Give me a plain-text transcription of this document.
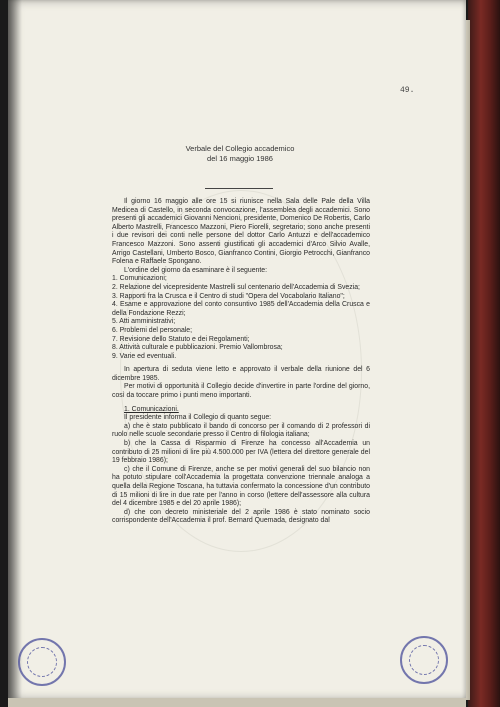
49.
Verbale del Collegio accademico
del 16 maggio 1986

Il giorno 16 maggio alle ore 15 si riunisce nella Sala delle Pale della Villa Medicea di Castello, in seconda convocazione, l'assemblea degli accademici. Sono presenti gli accademici Giovanni Nencioni, presidente, Domenico De Robertis, Carlo Alberto Mastrelli, Francesco Mazzoni, Piero Fiorelli, segretario; sono anche presenti i due revisori dei conti nelle persone del dottor Carlo Antuzzi e dell'accademico Francesco Mazzoni. Sono assenti giustificati gli accademici d'Arco Silvio Avalle, Arrigo Castellani, Umberto Bosco, Gianfranco Contini, Giorgio Petrocchi, Gianfranco Folena e Raffaele Spongano.

L'ordine del giorno da esaminare è il seguente:

1. Comunicazioni;
2. Relazione del vicepresidente Mastrelli sul centenario dell'Accademia di Svezia;
3. Rapporti fra la Crusca e il Centro di studi "Opera del Vocabolario Italiano";
4. Esame e approvazione del conto consuntivo 1985 dell'Accademia della Crusca e della Fondazione Rezzi;
5. Atti amministrativi;
6. Problemi del personale;
7. Revisione dello Statuto e dei Regolamenti;
8. Attività culturale e pubblicazioni. Premio Vallombrosa;
9. Varie ed eventuali.

In apertura di seduta viene letto e approvato il verbale della riunione del 6 dicembre 1985.

Per motivi di opportunità il Collegio decide d'invertire in parte l'ordine del giorno, così da toccare primo i punti meno importanti.

1. Comunicazioni.

Il presidente informa il Collegio di quanto segue:

a) che è stato pubblicato il bando di concorso per il comando di 2 professori di ruolo nelle scuole secondarie presso il Centro di filologia italiana;

b) che la Cassa di Risparmio di Firenze ha concesso all'Accademia un contributo di 25 milioni di lire più 4.500.000 per IVA (lettera del direttore generale del 19 febbraio 1986);

c) che il Comune di Firenze, anche se per motivi generali del suo bilancio non ha potuto stipulare coll'Accademia la progettata convenzione triennale analoga a quella della Regione Toscana, ha tuttavia confermato la concessione d'un contributo di 15 milioni di lire in due rate per l'anno in corso (lettere dell'assessore alla cultura del 4 dicembre 1985 e del 20 aprile 1986);

d) che con decreto ministeriale del 2 aprile 1986 è stato nominato socio corrispondente dell'Accademia il prof. Bernard Quemada, designato dal
